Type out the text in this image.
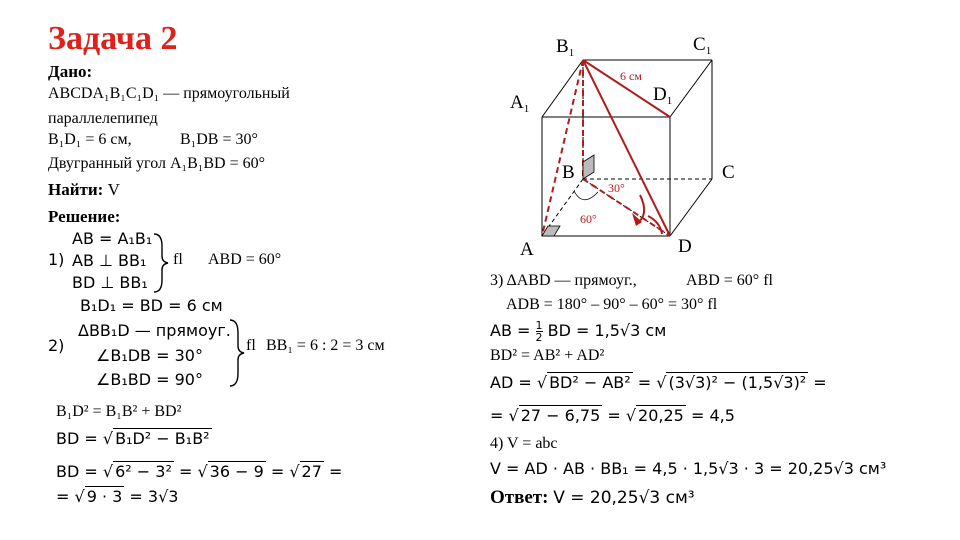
Задача 2
Дано:
ABCDA₁B₁C₁D₁ — прямоугольный
параллелепипед
B₁D₁ = 6 см,	B₁DB = 30°
Двугранный угол A₁B₁BD = 60°
Найти: V
Решение:
1)
AB = A₁B₁
AB ⊥ BB₁
BD ⊥ BB₁
fl ABD = 60°
2)
B₁D₁ = BD = 6 см
ΔBB₁D — прямоуг.
∠B₁DB = 30°
∠B₁BD = 90°
fl BB₁ = 6 : 2 = 3 см
B₁D² = B₁B² + BD²
BD = √ B₁D² − B₁B²
BD = √ 6² − 3² = √ 36 − 9 = √ 27 =
= √ 9 · 3 = 3√3
6 см
30°
60°
$B_1$	$C_1$
$A_1$
$D_1$
B	C
A	D
3) ΔABD — прямоуг.,	ABD = 60° fl
ADB = 180° – 90° – 60° = 30° fl
AB = $\frac{1}{2}$ BD = 1,5√3 см
BD² = AB² + AD²
AD = √ BD² − AB² = √ (3√3)² − (1,5√3)² =
= √ 27 − 6,75 = √ 20,25 = 4,5
4) V = abc
V = AD · AB · BB₁ = 4,5 · 1,5√3 · 3 = 20,25√3 см³
Ответ: V = 20,25√3 см³
